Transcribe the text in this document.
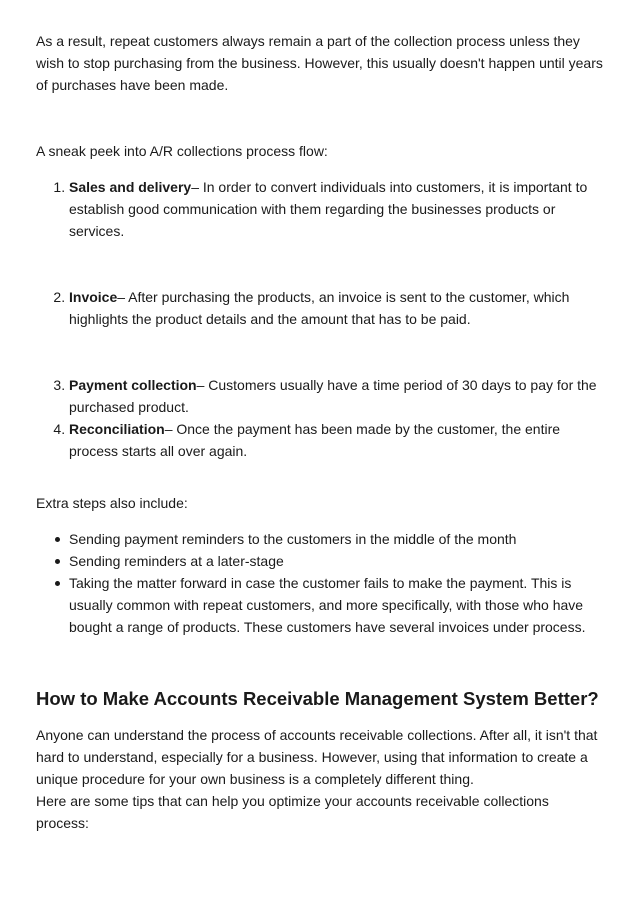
As a result, repeat customers always remain a part of the collection process unless they wish to stop purchasing from the business. However, this usually doesn't happen until years of purchases have been made.

A sneak peek into A/R collections process flow:

1. Sales and delivery– In order to convert individuals into customers, it is important to establish good communication with them regarding the businesses products or services.
2. Invoice– After purchasing the products, an invoice is sent to the customer, which highlights the product details and the amount that has to be paid.
3. Payment collection– Customers usually have a time period of 30 days to pay for the purchased product.
4. Reconciliation– Once the payment has been made by the customer, the entire process starts all over again.

Extra steps also include:

Sending payment reminders to the customers in the middle of the month
Sending reminders at a later-stage
Taking the matter forward in case the customer fails to make the payment. This is usually common with repeat customers, and more specifically, with those who have bought a range of products. These customers have several invoices under process.
How to Make Accounts Receivable Management System Better?

Anyone can understand the process of accounts receivable collections. After all, it isn't that hard to understand, especially for a business. However, using that information to create a unique procedure for your own business is a completely different thing.

Here are some tips that can help you optimize your accounts receivable collections process:
